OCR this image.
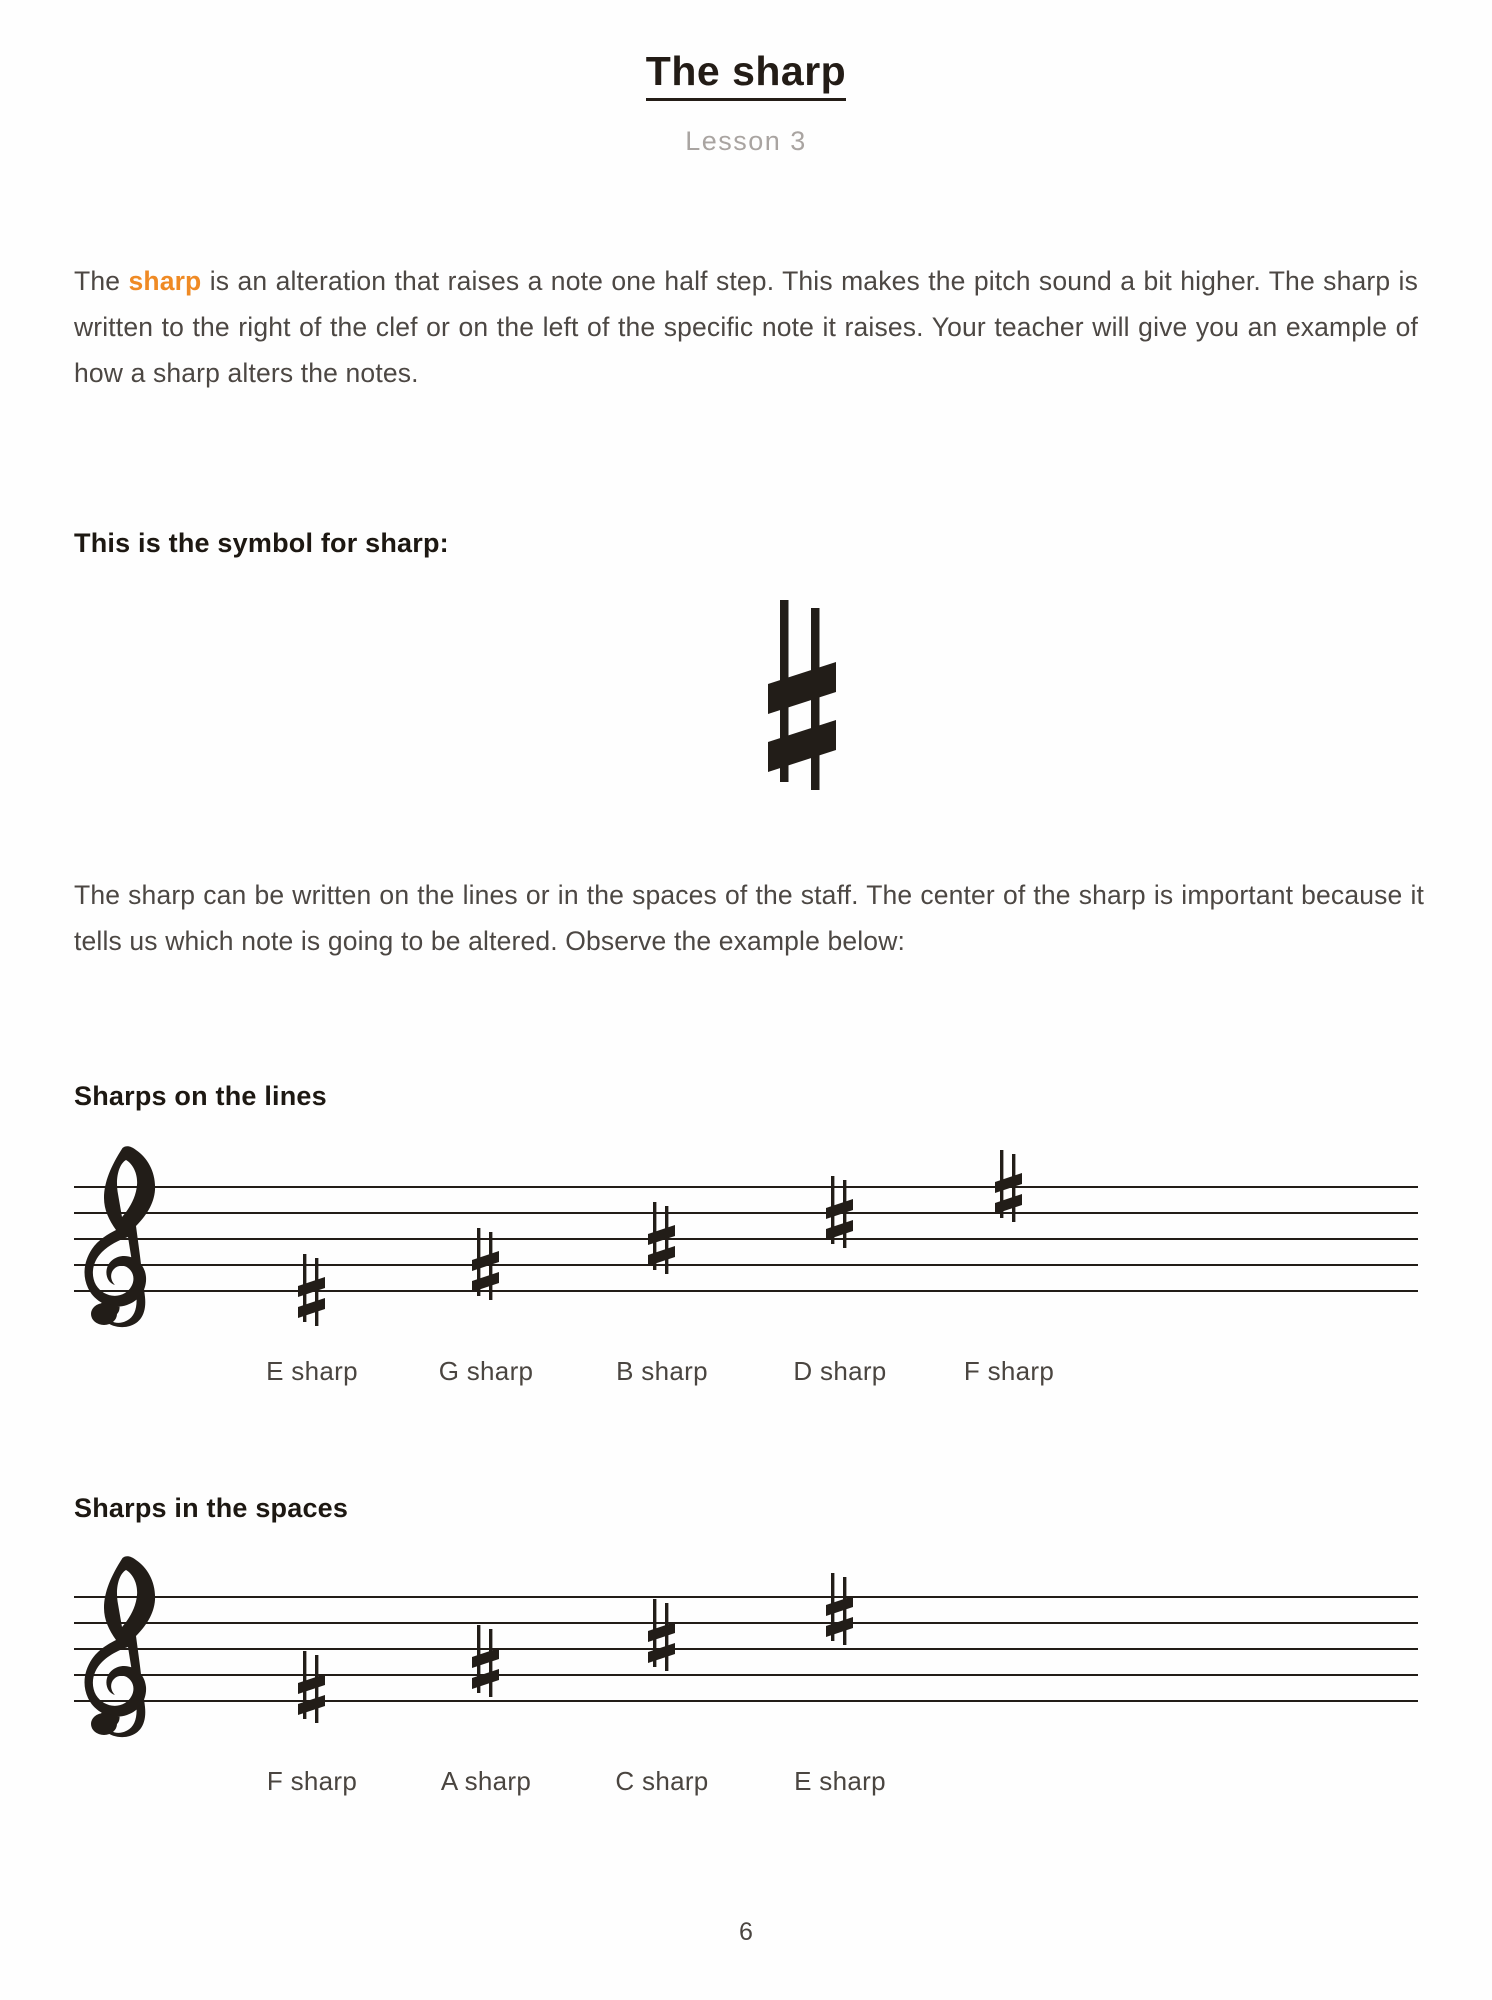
The sharp
Lesson 3
The sharp is an alteration that raises a note one half step. This makes the pitch sound a bit higher. The sharp is written to the right of the clef or on the left of the specific note it raises. Your teacher will give you an example of how a sharp alters the notes.
This is the symbol for sharp:
The sharp can be written on the lines or in the spaces of the staff. The center of the sharp is important because it tells us which note is going to be altered. Observe the example below:
Sharps on the lines
E sharp	G sharp	B sharp	D sharp	F sharp
Sharps in the spaces
F sharp	A sharp	C sharp	E sharp
6
